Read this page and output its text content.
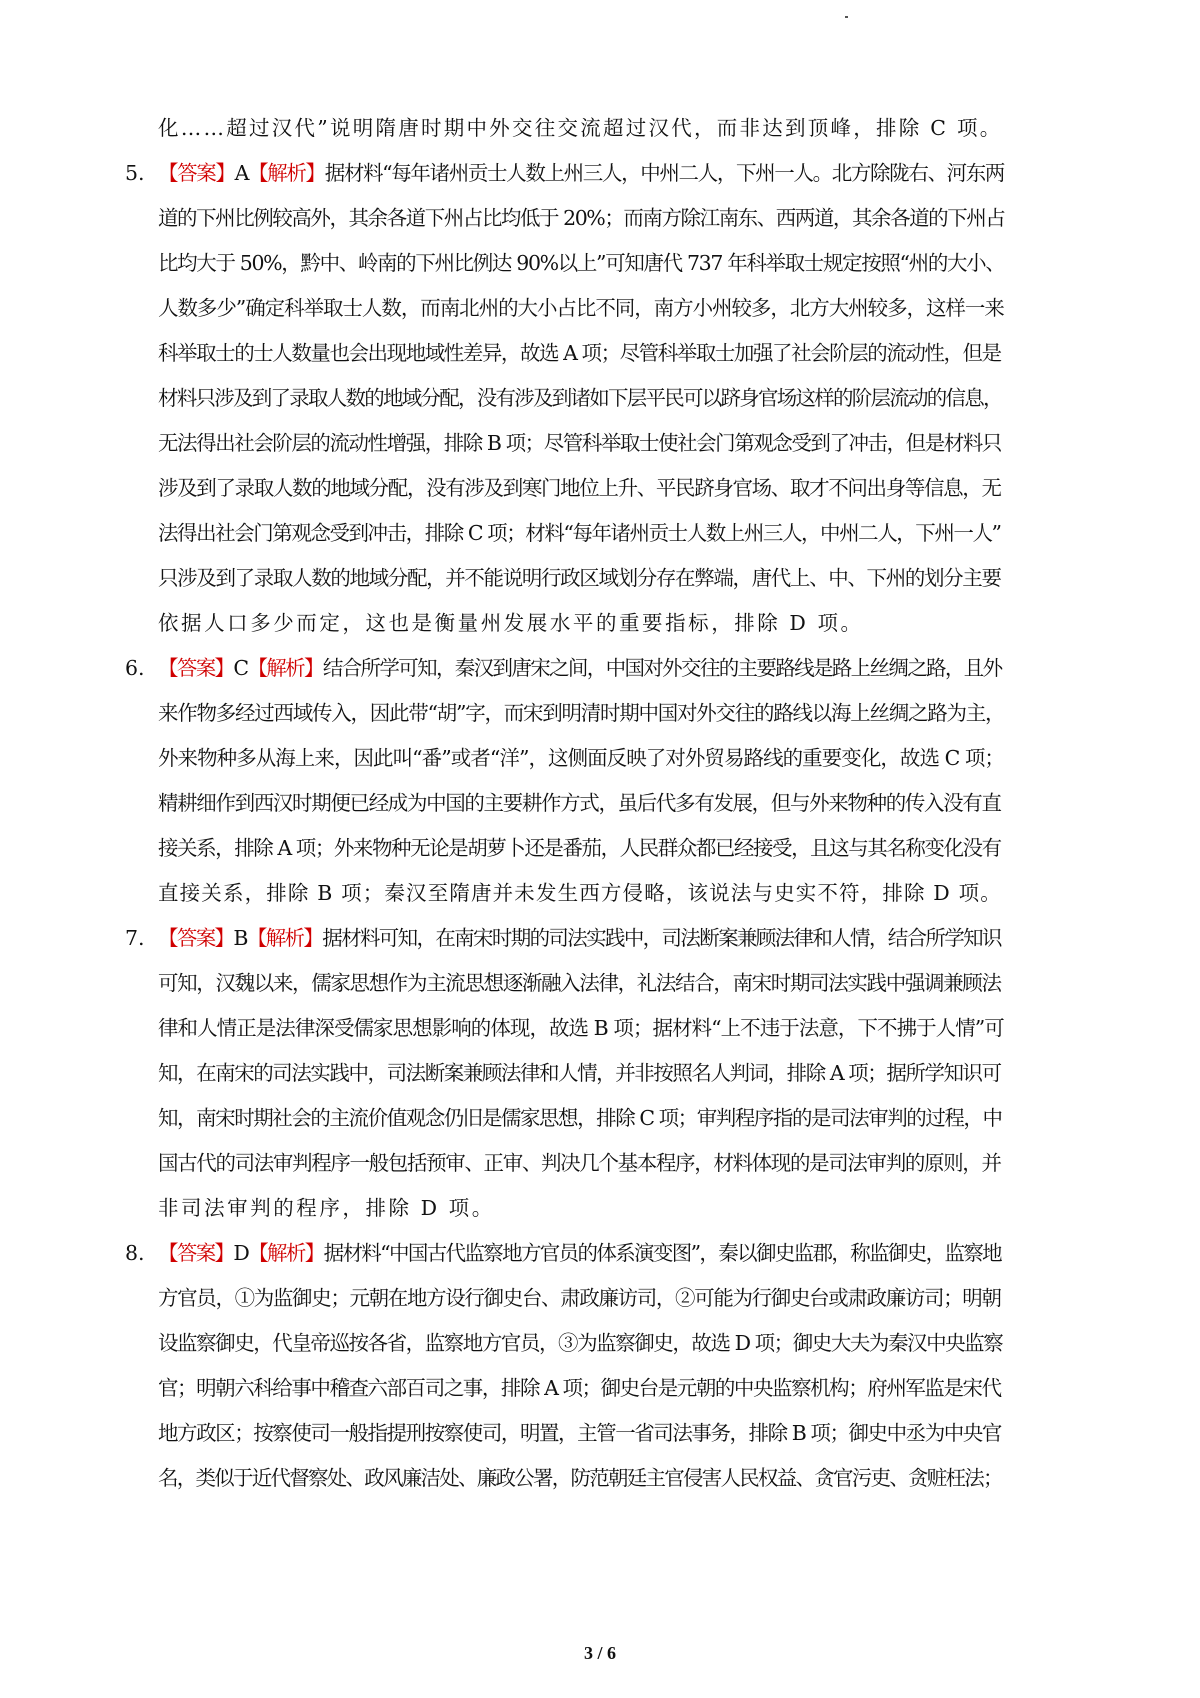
化……超过汉代”说明隋唐时期中外交往交流超过汉代，而非达到顶峰，排除 C 项。
5. 【答案】A【解析】据材料“每年诸州贡士人数上州三人，中州二人，下州一人。北方除陇右、河东两
道的下州比例较高外，其余各道下州占比均低于 20%；而南方除江南东、西两道，其余各道的下州占
比均大于 50%，黔中、岭南的下州比例达 90%以上”可知唐代 737 年科举取士规定按照“州的大小、
人数多少”确定科举取士人数，而南北州的大小占比不同，南方小州较多，北方大州较多，这样一来
科举取士的士人数量也会出现地域性差异，故选 A 项；尽管科举取士加强了社会阶层的流动性，但是
材料只涉及到了录取人数的地域分配，没有涉及到诸如下层平民可以跻身官场这样的阶层流动的信息，
无法得出社会阶层的流动性增强，排除 B 项；尽管科举取士使社会门第观念受到了冲击，但是材料只
涉及到了录取人数的地域分配，没有涉及到寒门地位上升、平民跻身官场、取才不问出身等信息，无
法得出社会门第观念受到冲击，排除 C 项；材料“每年诸州贡士人数上州三人，中州二人，下州一人”
只涉及到了录取人数的地域分配，并不能说明行政区域划分存在弊端，唐代上、中、下州的划分主要
依据人口多少而定，这也是衡量州发展水平的重要指标，排除 D 项。
6. 【答案】C【解析】结合所学可知，秦汉到唐宋之间，中国对外交往的主要路线是路上丝绸之路，且外
来作物多经过西域传入，因此带“胡”字，而宋到明清时期中国对外交往的路线以海上丝绸之路为主，
外来物种多从海上来，因此叫“番”或者“洋”，这侧面反映了对外贸易路线的重要变化，故选 C 项；
精耕细作到西汉时期便已经成为中国的主要耕作方式，虽后代多有发展，但与外来物种的传入没有直
接关系，排除 A 项；外来物种无论是胡萝卜还是番茄，人民群众都已经接受，且这与其名称变化没有
直接关系，排除 B 项；秦汉至隋唐并未发生西方侵略，该说法与史实不符，排除 D 项。
7. 【答案】B【解析】据材料可知，在南宋时期的司法实践中，司法断案兼顾法律和人情，结合所学知识
可知，汉魏以来，儒家思想作为主流思想逐渐融入法律，礼法结合，南宋时期司法实践中强调兼顾法
律和人情正是法律深受儒家思想影响的体现，故选 B 项；据材料“上不违于法意，下不拂于人情”可
知，在南宋的司法实践中，司法断案兼顾法律和人情，并非按照名人判词，排除 A 项；据所学知识可
知，南宋时期社会的主流价值观念仍旧是儒家思想，排除 C 项；审判程序指的是司法审判的过程，中
国古代的司法审判程序一般包括预审、正审、判决几个基本程序，材料体现的是司法审判的原则，并
非司法审判的程序，排除 D 项。
8. 【答案】D【解析】据材料“中国古代监察地方官员的体系演变图”，秦以御史监郡，称监御史，监察地
方官员，①为监御史；元朝在地方设行御史台、肃政廉访司，②可能为行御史台或肃政廉访司；明朝
设监察御史，代皇帝巡按各省，监察地方官员，③为监察御史，故选 D 项；御史大夫为秦汉中央监察
官；明朝六科给事中稽查六部百司之事，排除 A 项；御史台是元朝的中央监察机构；府州军监是宋代
地方政区；按察使司一般指提刑按察使司，明置，主管一省司法事务，排除 B 项；御史中丞为中央官
名，类似于近代督察处、政风廉洁处、廉政公署，防范朝廷主官侵害人民权益、贪官污吏、贪赃枉法；
3 / 6
